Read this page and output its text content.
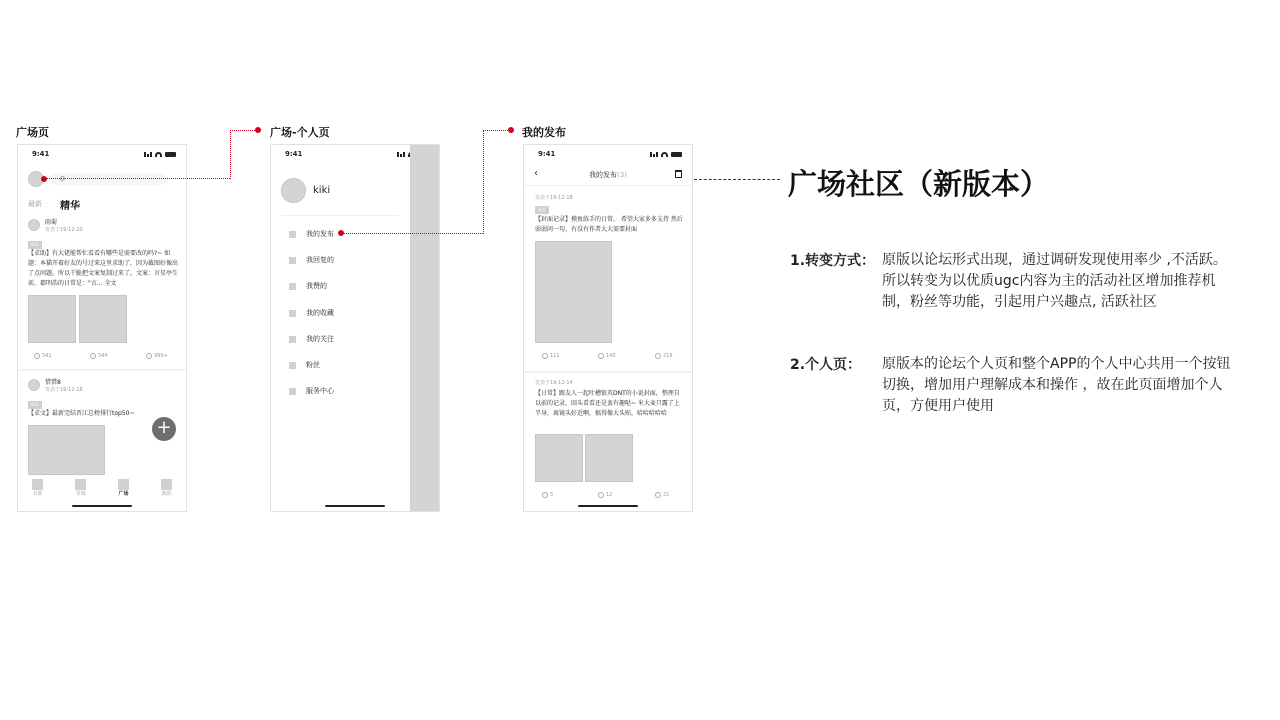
广场页	广场-个人页	我的发布
9:41
最新 精华
雨菊
发表于19-12-20
精华
【求助】有大佬能帮忙看看有哪些是需要改的吗?~ 如题：本猫开着好友的号过来这里求助了，因为截图好像出了点问题。所以干脆把文案复制过来了。文案：言星亭生前、郡明浩的日常是："言... 全文
541	544	999+
惜惜8
发表于19-12-18
精华
【求文】最新完结晋江总榜排行top50~
+
书架	书城	广场	我的
9:41
kiki
我的发布
我回复的
我赞的
我的收藏
我的关注
粉丝
服务中心
9:41
‹	我的发布(3)
发表于19-12-18
精华
【封面记录】摸鱼练手的日常， 希望大家多多支持 然后弱弱问一句，有没有作者大大需要封面
111	140	219
发表于19-12-14
【日常】跟友人一起吐槽银英DNT的小说封面，整理自以前的记录，回头看看还是蛮有趣哒~ 米大麦只露了上半身，离镜头好近啊，搞得像大头贴，哈哈哈哈哈
5	12	21
广场社区（新版本）
1.转变方式： 原版以论坛形式出现，通过调研发现使用率少 ,不活跃。所以转变为以优质ugc内容为主的活动社区增加推荐机制，粉丝等功能，引起用户兴趣点, 活跃社区
2.个人页： 原版本的论坛个人页和整个APP的个人中心共用一个按钮切换，增加用户理解成本和操作 ，故在此页面增加个人页，方便用户使用
